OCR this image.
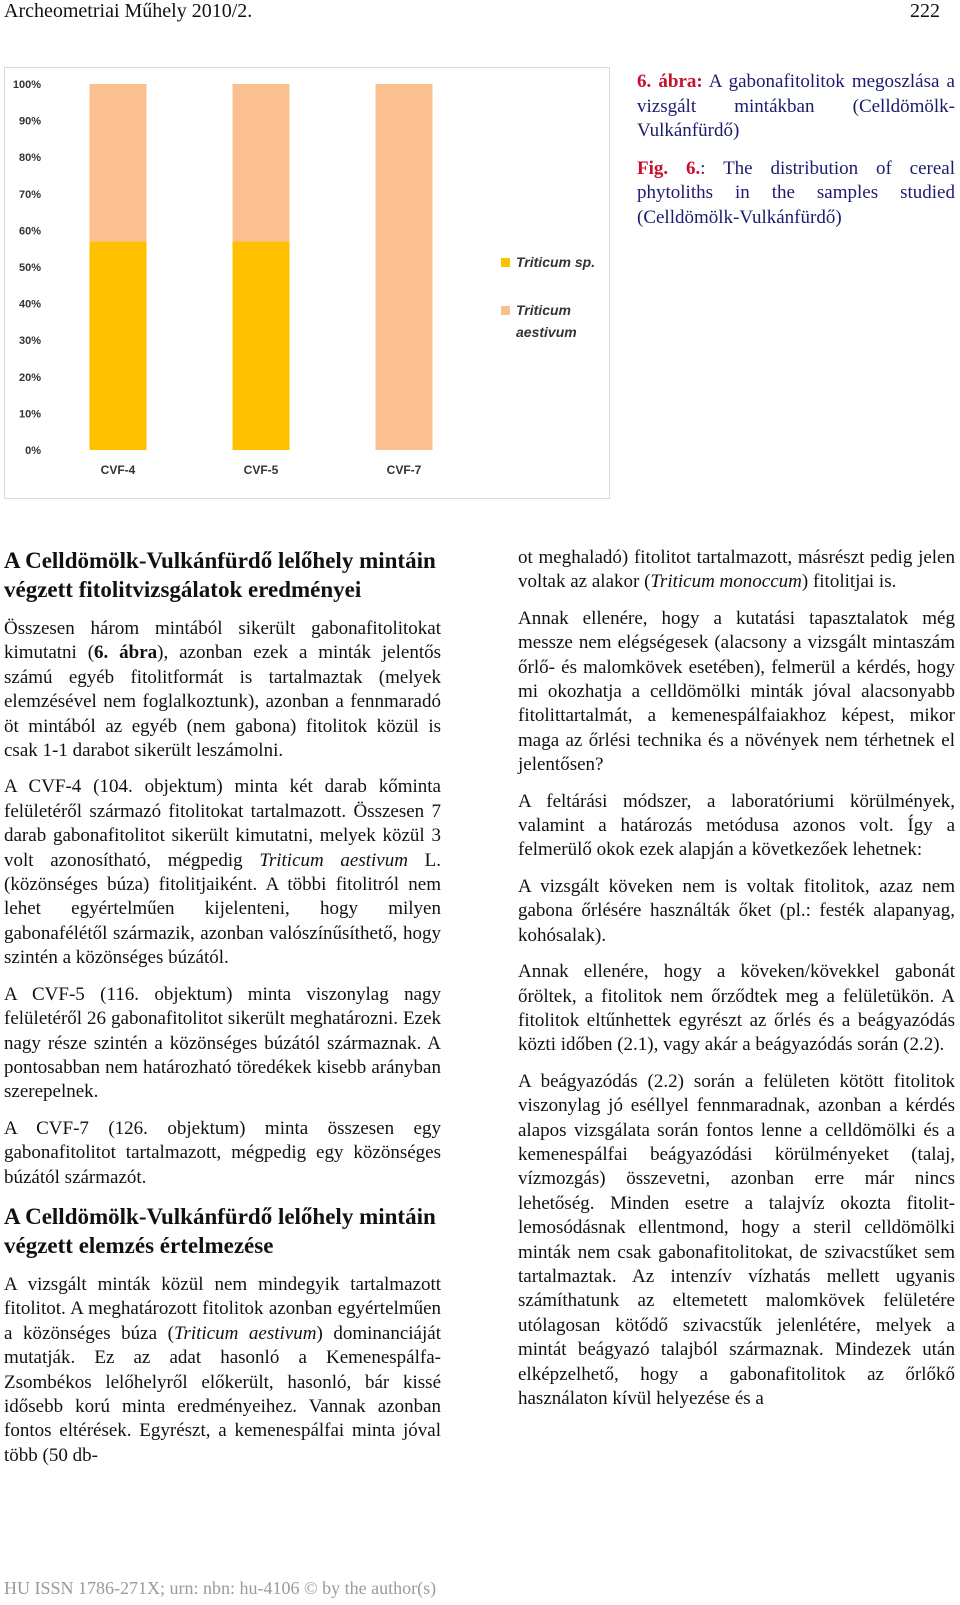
Archeometriai Műhely 2010/2.	222
0%
10%
20%
30%
40%
50%
60%
70%
80%
90%
100%
CVF-4	CVF-5	CVF-7
Triticum sp.
Triticum
aestivum

6. ábra: A gabonafitolitok megoszlása a vizsgált mintákban (Celldömölk-Vulkánfürdő)

Fig. 6.: The distribution of cereal phytoliths in the samples studied (Celldömölk-Vulkánfürdő)

A Celldömölk-Vulkánfürdő lelőhely mintáin végzett fitolitvizsgálatok eredményei

Összesen három mintából sikerült gabonafitolitokat kimutatni (6. ábra), azonban ezek a minták jelentős számú egyéb fitolitformát is tartalmaztak (melyek elemzésével nem foglalkoztunk), azonban a fennmaradó öt mintából az egyéb (nem gabona) fitolitok közül is csak 1-1 darabot sikerült leszámolni.

A CVF-4 (104. objektum) minta két darab kőminta felületéről származó fitolitokat tartalmazott. Összesen 7 darab gabonafitolitot sikerült kimutatni, melyek közül 3 volt azonosítható, mégpedig Triticum aestivum L. (közönséges búza) fitolitjaiként. A többi fitolitról nem lehet egyértelműen kijelenteni, hogy milyen gabonafélétől származik, azonban valószínűsíthető, hogy szintén a közönséges búzától.

A CVF-5 (116. objektum) minta viszonylag nagy felületéről 26 gabonafitolitot sikerült meghatározni. Ezek nagy része szintén a közönséges búzától származnak. A pontosabban nem határozható töredékek kisebb arányban szerepelnek.

A CVF-7 (126. objektum) minta összesen egy gabonafitolitot tartalmazott, mégpedig egy közönséges búzától származót.

A Celldömölk-Vulkánfürdő lelőhely mintáin végzett elemzés értelmezése

A vizsgált minták közül nem mindegyik tartalmazott fitolitot. A meghatározott fitolitok azonban egyértelműen a közönséges búza (Triticum aestivum) dominanciáját mutatják. Ez az adat hasonló a Kemenespálfa-Zsombékos lelőhelyről előkerült, hasonló, bár kissé idősebb korú minta eredményeihez. Vannak azonban fontos eltérések. Egyrészt, a kemenespálfai minta jóval több (50 db-

ot meghaladó) fitolitot tartalmazott, másrészt pedig jelen voltak az alakor (Triticum monoccum) fitolitjai is.

Annak ellenére, hogy a kutatási tapasztalatok még messze nem elégségesek (alacsony a vizsgált mintaszám őrlő- és malomkövek esetében), felmerül a kérdés, hogy mi okozhatja a celldömölki minták jóval alacsonyabb fitolittartalmát, a kemenespálfaiakhoz képest, mikor maga az őrlési technika és a növények nem térhetnek el jelentősen?

A feltárási módszer, a laboratóriumi körülmények, valamint a határozás metódusa azonos volt. Így a felmerülő okok ezek alapján a következőek lehetnek:

A vizsgált köveken nem is voltak fitolitok, azaz nem gabona őrlésére használták őket (pl.: festék alapanyag, kohósalak).

Annak ellenére, hogy a köveken/kövekkel gabonát őröltek, a fitolitok nem őrződtek meg a felületükön. A fitolitok eltűnhettek egyrészt az őrlés és a beágyazódás közti időben (2.1), vagy akár a beágyazódás során (2.2).

A beágyazódás (2.2) során a felületen kötött fitolitok viszonylag jó eséllyel fennmaradnak, azonban a kérdés alapos vizsgálata során fontos lenne a celldömölki és a kemenespálfai beágyazódási körülményeket (talaj, vízmozgás) összevetni, azonban erre már nincs lehetőség. Minden esetre a talajvíz okozta fitolit-lemosódásnak ellentmond, hogy a steril celldömölki minták nem csak gabonafitolitokat, de szivacstűket sem tartalmaztak. Az intenzív vízhatás mellett ugyanis számíthatunk az eltemetett malomkövek felületére utólagosan kötődő szivacstűk jelenlétére, melyek a mintát beágyazó talajból származnak. Mindezek után elképzelhető, hogy a gabonafitolitok az őrlőkő használaton kívül helyezése és a

HU ISSN 1786-271X; urn: nbn: hu-4106 © by the author(s)
